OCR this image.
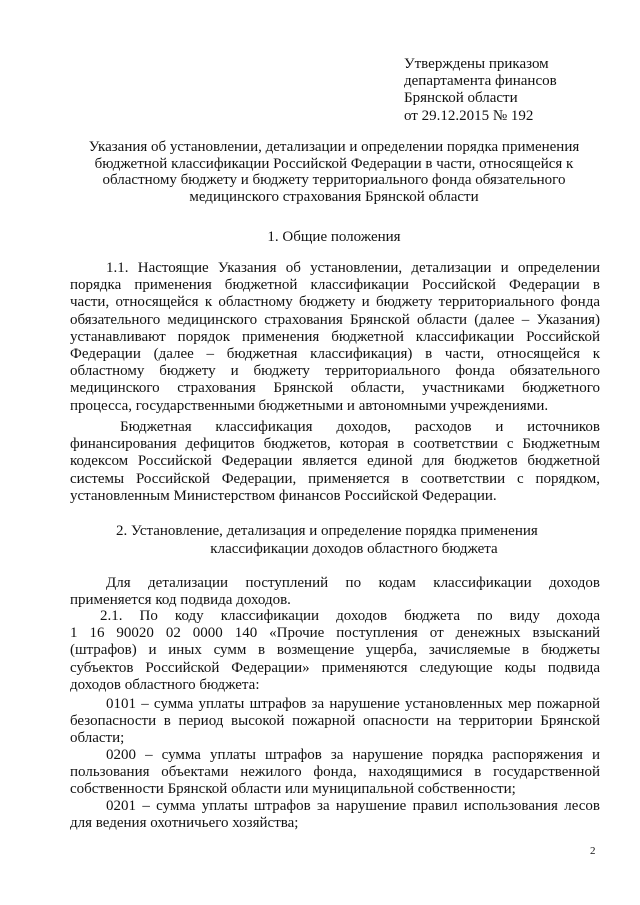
Утверждены приказом
департамента финансов
Брянской области
от 29.12.2015 № 192
Указания об установлении, детализации и определении порядка применения
бюджетной классификации Российской Федерации в части, относящейся к
областному бюджету и бюджету территориального фонда обязательного
медицинского страхования Брянской области
1. Общие положения
1.1. Настоящие Указания об установлении, детализации и определении
порядка применения бюджетной классификации Российской Федерации в
части, относящейся к областному бюджету и бюджету территориального фонда
обязательного медицинского страхования Брянской области (далее – Указания)
устанавливают порядок применения бюджетной классификации Российской
Федерации (далее – бюджетная классификация) в части, относящейся к
областному бюджету и бюджету территориального фонда обязательного
медицинского страхования Брянской области, участниками бюджетного
процесса, государственными бюджетными и автономными учреждениями.
Бюджетная классификация доходов, расходов и источников
финансирования дефицитов бюджетов, которая в соответствии с Бюджетным
кодексом Российской Федерации является единой для бюджетов бюджетной
системы Российской Федерации, применяется в соответствии с порядком,
установленным Министерством финансов Российской Федерации.
2. Установление, детализация и определение порядка применения
классификации доходов областного бюджета
Для детализации поступлений по кодам классификации доходов
применяется код подвида доходов.
2.1. По коду классификации доходов бюджета по виду дохода
1 16 90020 02 0000 140 «Прочие поступления от денежных взысканий
(штрафов) и иных сумм в возмещение ущерба, зачисляемые в бюджеты
субъектов Российской Федерации» применяются следующие коды подвида
доходов областного бюджета:
0101 – сумма уплаты штрафов за нарушение установленных мер пожарной
безопасности в период высокой пожарной опасности на территории Брянской
области;
0200 – сумма уплаты штрафов за нарушение порядка распоряжения и
пользования объектами нежилого фонда, находящимися в государственной
собственности Брянской области или муниципальной собственности;
0201 – сумма уплаты штрафов за нарушение правил использования лесов
для ведения охотничьего хозяйства;
2
